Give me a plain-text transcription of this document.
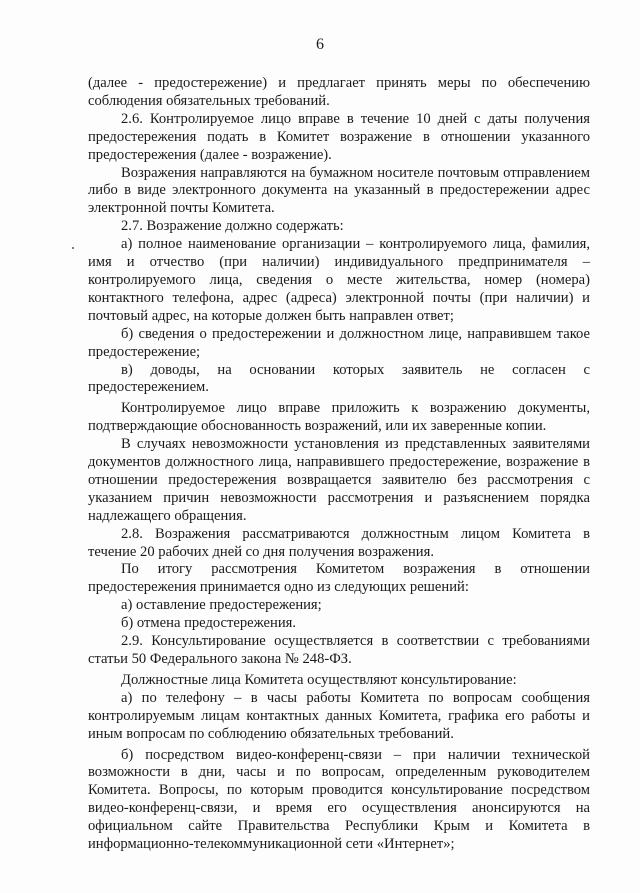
6

(далее - предостережение) и предлагает принять меры по обеспечению соблюдения обязательных требований.

2.6. Контролируемое лицо вправе в течение 10 дней с даты получения предостережения подать в Комитет возражение в отношении указанного предостережения (далее - возражение).

Возражения направляются на бумажном носителе почтовым отправлением либо в виде электронного документа на указанный в предостережении адрес электронной почты Комитета.

2.7. Возражение должно содержать:

а) полное наименование организации – контролируемого лица, фамилия, имя и отчество (при наличии) индивидуального предпринимателя – контролируемого лица, сведения о месте жительства, номер (номера) контактного телефона, адрес (адреса) электронной почты (при наличии) и почтовый адрес, на которые должен быть направлен ответ;

б) сведения о предостережении и должностном лице, направившем такое предостережение;

в) доводы, на основании которых заявитель не согласен с предостережением.

Контролируемое лицо вправе приложить к возражению документы, подтверждающие обоснованность возражений, или их заверенные копии.

В случаях невозможности установления из представленных заявителями документов должностного лица, направившего предостережение, возражение в отношении предостережения возвращается заявителю без рассмотрения с указанием причин невозможности рассмотрения и разъяснением порядка надлежащего обращения.

2.8. Возражения рассматриваются должностным лицом Комитета в течение 20 рабочих дней со дня получения возражения.

По итогу рассмотрения Комитетом возражения в отношении предостережения принимается одно из следующих решений:

а) оставление предостережения;

б) отмена предостережения.

2.9. Консультирование осуществляется в соответствии с требованиями статьи 50 Федерального закона № 248-ФЗ.

Должностные лица Комитета осуществляют консультирование:

а) по телефону – в часы работы Комитета по вопросам сообщения контролируемым лицам контактных данных Комитета, графика его работы и иным вопросам по соблюдению обязательных требований.

б) посредством видео-конференц-связи – при наличии технической возможности в дни, часы и по вопросам, определенным руководителем Комитета. Вопросы, по которым проводится консультирование посредством видео-конференц-связи, и время его осуществления анонсируются на официальном сайте Правительства Республики Крым и Комитета в информационно-телекоммуникационной сети «Интернет»;
